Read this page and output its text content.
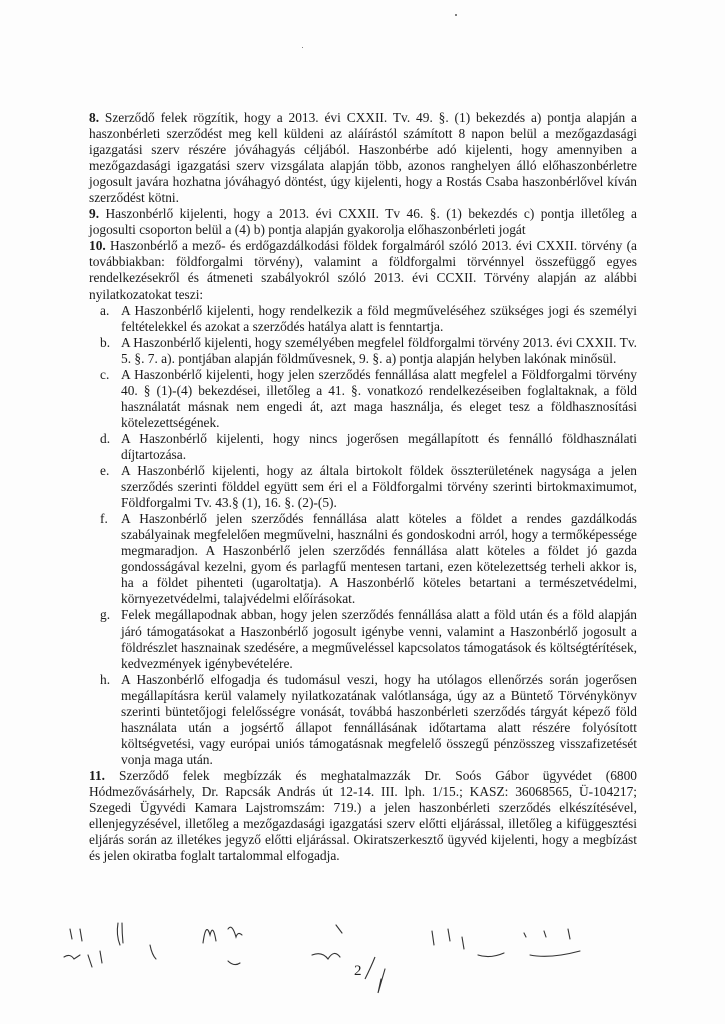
8. Szerződő felek rögzítik, hogy a 2013. évi CXXII. Tv. 49. §. (1) bekezdés a) pontja alapján a haszonbérleti szerződést meg kell küldeni az aláírástól számított 8 napon belül a mezőgazdasági igazgatási szerv részére jóváhagyás céljából. Haszonbérbe adó kijelenti, hogy amennyiben a mezőgazdasági igazgatási szerv vizsgálata alapján több, azonos ranghelyen álló előhaszonbérletre jogosult javára hozhatna jóváhagyó döntést, úgy kijelenti, hogy a Rostás Csaba haszonbérlővel kíván szerződést kötni.

9. Haszonbérlő kijelenti, hogy a 2013. évi CXXII. Tv 46. §. (1) bekezdés c) pontja illetőleg a jogosulti csoporton belül a (4) b) pontja alapján gyakorolja előhaszonbérleti jogát

10. Haszonbérlő a mező- és erdőgazdálkodási földek forgalmáról szóló 2013. évi CXXII. törvény (a továbbiakban: földforgalmi törvény), valamint a földforgalmi törvénnyel összefüggő egyes rendelkezésekről és átmeneti szabályokról szóló 2013. évi CCXII. Törvény alapján az alábbi nyilatkozatokat teszi:

a. A Haszonbérlő kijelenti, hogy rendelkezik a föld megműveléséhez szükséges jogi és személyi feltételekkel és azokat a szerződés hatálya alatt is fenntartja.
b. A Haszonbérlő kijelenti, hogy személyében megfelel földforgalmi törvény 2013. évi CXXII. Tv. 5. §. 7. a). pontjában alapján földművesnek, 9. §. a) pontja alapján helyben lakónak minősül.
c. A Haszonbérlő kijelenti, hogy jelen szerződés fennállása alatt megfelel a Földforgalmi törvény 40. § (1)-(4) bekezdései, illetőleg a 41. §. vonatkozó rendelkezéseiben foglaltaknak, a föld használatát másnak nem engedi át, azt maga használja, és eleget tesz a földhasznosítási kötelezettségének.
d. A Haszonbérlő kijelenti, hogy nincs jogerősen megállapított és fennálló földhasználati díjtartozása.
e. A Haszonbérlő kijelenti, hogy az általa birtokolt földek összterületének nagysága a jelen szerződés szerinti földdel együtt sem éri el a Földforgalmi törvény szerinti birtokmaximumot, Földforgalmi Tv. 43.§ (1), 16. §. (2)-(5).
f. A Haszonbérlő jelen szerződés fennállása alatt köteles a földet a rendes gazdálkodás szabályainak megfelelően megművelni, használni és gondoskodni arról, hogy a termőképessége megmaradjon. A Haszonbérlő jelen szerződés fennállása alatt köteles a földet jó gazda gondosságával kezelni, gyom és parlagfű mentesen tartani, ezen kötelezettség terheli akkor is, ha a földet pihenteti (ugaroltatja). A Haszonbérlő köteles betartani a természetvédelmi, környezetvédelmi, talajvédelmi előírásokat.
g. Felek megállapodnak abban, hogy jelen szerződés fennállása alatt a föld után és a föld alapján járó támogatásokat a Haszonbérlő jogosult igénybe venni, valamint a Haszonbérlő jogosult a földrészlet hasznainak szedésére, a megműveléssel kapcsolatos támogatások és költségtérítések, kedvezmények igénybevételére.
h. A Haszonbérlő elfogadja és tudomásul veszi, hogy ha utólagos ellenőrzés során jogerősen megállapításra kerül valamely nyilatkozatának valótlansága, úgy az a Büntető Törvénykönyv szerinti büntetőjogi felelősségre vonását, továbbá haszonbérleti szerződés tárgyát képező föld használata után a jogsértő állapot fennállásának időtartama alatt részére folyósított költségvetési, vagy európai uniós támogatásnak megfelelő összegű pénzösszeg visszafizetését vonja maga után.

11. Szerződő felek megbízzák és meghatalmazzák Dr. Soós Gábor ügyvédet (6800 Hódmezővásárhely, Dr. Rapcsák András út 12-14. III. lph. 1/15.; KASZ: 36068565, Ü-104217; Szegedi Ügyvédi Kamara Lajstromszám: 719.) a jelen haszonbérleti szerződés elkészítésével, ellenjegyzésével, illetőleg a mezőgazdasági igazgatási szerv előtti eljárással, illetőleg a kifüggesztési eljárás során az illetékes jegyző előtti eljárással. Okiratszerkesztő ügyvéd kijelenti, hogy a megbízást és jelen okiratba foglalt tartalommal elfogadja.

2
